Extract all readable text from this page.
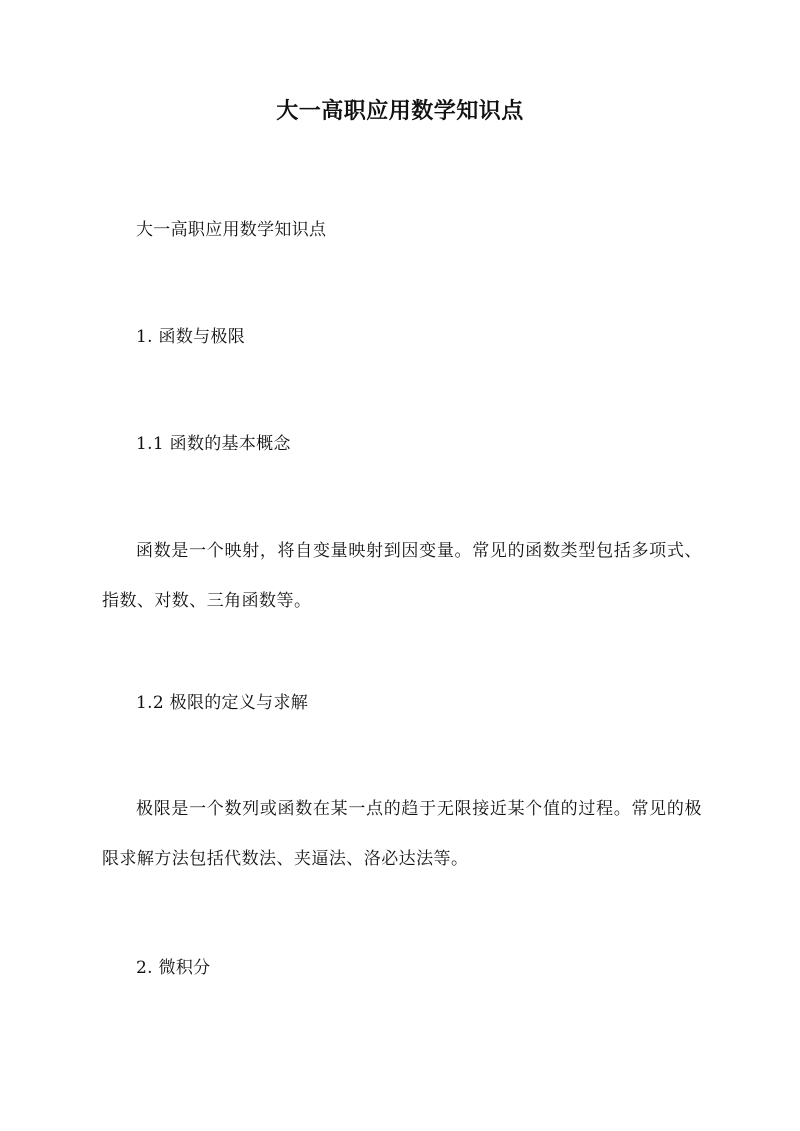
大一高职应用数学知识点
大一高职应用数学知识点
1. 函数与极限
1.1 函数的基本概念
函数是一个映射，将自变量映射到因变量。常见的函数类型包括多项式、指数、对数、三角函数等。
1.2 极限的定义与求解
极限是一个数列或函数在某一点的趋于无限接近某个值的过程。常见的极限求解方法包括代数法、夹逼法、洛必达法等。
2. 微积分
